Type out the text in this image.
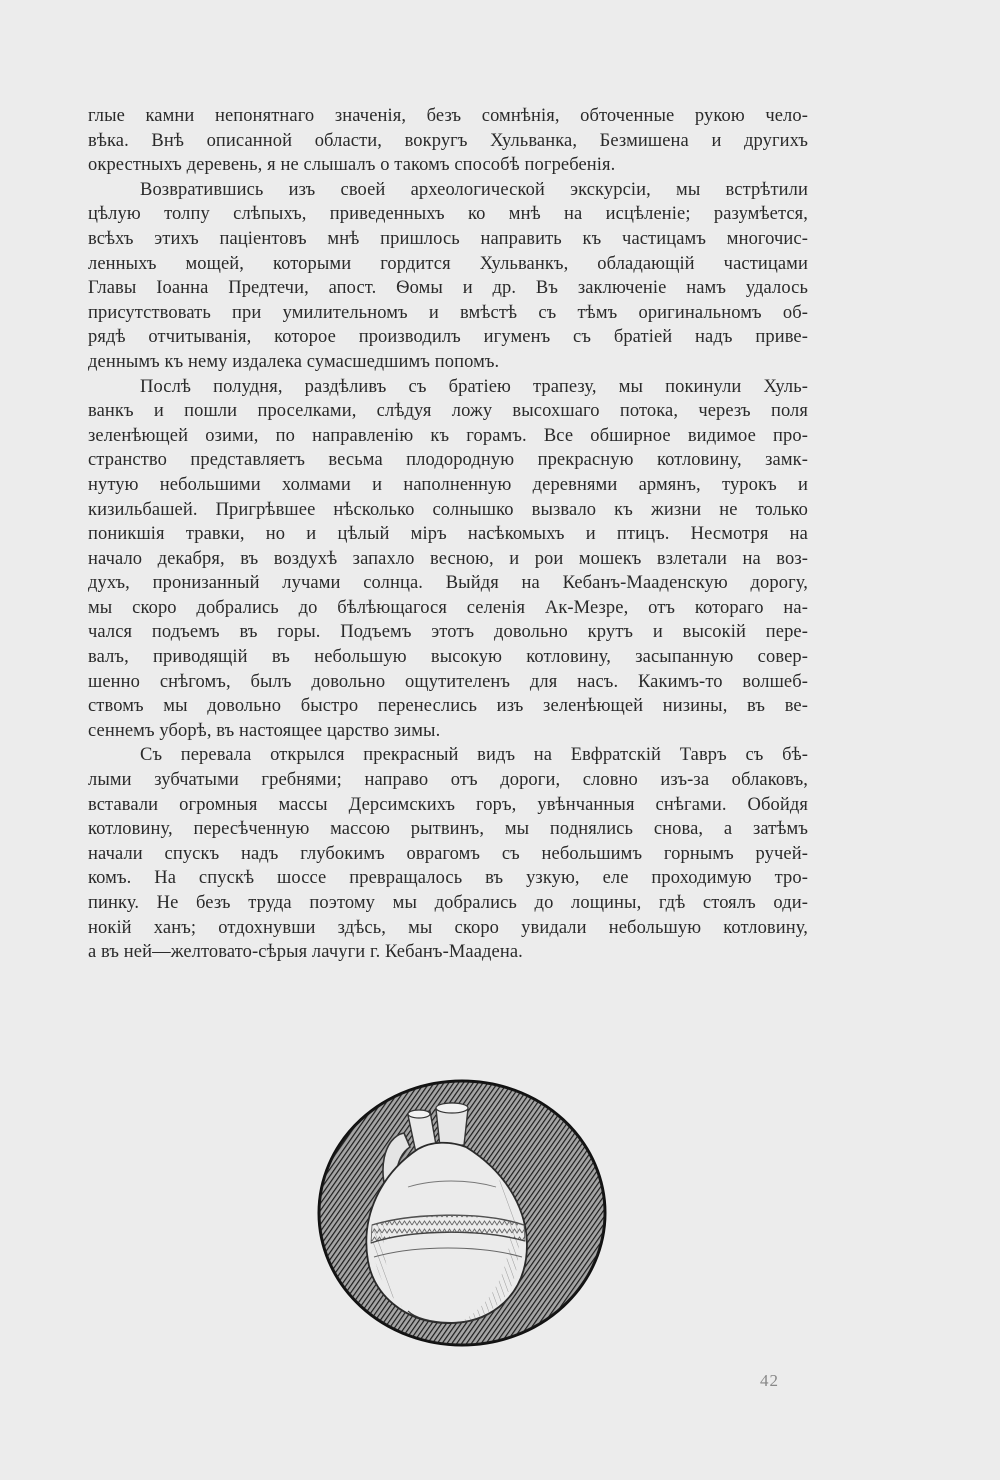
глые камни непонятнаго значенія, безъ сомнѣнія, обточенные рукою чело-
вѣка. Внѣ описанной области, вокругъ Хульванка, Безмишена и другихъ
окрестныхъ деревень, я не слышалъ о такомъ способѣ погребенія.
Возвратившись изъ своей археологической экскурсіи, мы встрѣтили
цѣлую толпу слѣпыхъ, приведенныхъ ко мнѣ на исцѣленіе; разумѣется,
всѣхъ этихъ паціентовъ мнѣ пришлось направить къ частицамъ многочис-
ленныхъ мощей, которыми гордится Хульванкъ, обладающій частицами
Главы Іоанна Предтечи, апост. Ѳомы и др. Въ заключеніе намъ удалось
присутствовать при умилительномъ и вмѣстѣ съ тѣмъ оригинальномъ об-
рядѣ отчитыванія, которое производилъ игуменъ съ братіей надъ приве-
деннымъ къ нему издалека сумасшедшимъ попомъ.
Послѣ полудня, раздѣливъ съ братіею трапезу, мы покинули Хуль-
ванкъ и пошли проселками, слѣдуя ложу высохшаго потока, черезъ поля
зеленѣющей озими, по направленію къ горамъ. Все обширное видимое про-
странство представляетъ весьма плодородную прекрасную котловину, замк-
нутую небольшими холмами и наполненную деревнями армянъ, турокъ и
кизильбашей. Пригрѣвшее нѣсколько солнышко вызвало къ жизни не только
поникшія травки, но и цѣлый міръ насѣкомыхъ и птицъ. Несмотря на
начало декабря, въ воздухѣ запахло весною, и рои мошекъ взлетали на воз-
духъ, пронизанный лучами солнца. Выйдя на Кебанъ-Мааденскую дорогу,
мы скоро добрались до бѣлѣющагося селенія Ак-Мезре, отъ котораго на-
чался подъемъ въ горы. Подъемъ этотъ довольно крутъ и высокій пере-
валъ, приводящій въ небольшую высокую котловину, засыпанную совер-
шенно снѣгомъ, былъ довольно ощутителенъ для насъ. Какимъ-то волшеб-
ствомъ мы довольно быстро перенеслись изъ зеленѣющей низины, въ ве-
сеннемъ уборѣ, въ настоящее царство зимы.
Съ перевала открылся прекрасный видъ на Евфратскій Тавръ съ бѣ-
лыми зубчатыми гребнями; направо отъ дороги, словно изъ-за облаковъ,
вставали огромныя массы Дерсимскихъ горъ, увѣнчанныя снѣгами. Обойдя
котловину, пересѣченную массою рытвинъ, мы поднялись снова, а затѣмъ
начали спускъ надъ глубокимъ оврагомъ съ небольшимъ горнымъ ручей-
комъ. На спускѣ шоссе превращалось въ узкую, еле проходимую тро-
пинку. Не безъ труда поэтому мы добрались до лощины, гдѣ стоялъ оди-
нокій ханъ; отдохнувши здѣсь, мы скоро увидали небольшую котловину,
а въ ней—желтовато-сѣрыя лачуги г. Кебанъ-Маадена.
42
